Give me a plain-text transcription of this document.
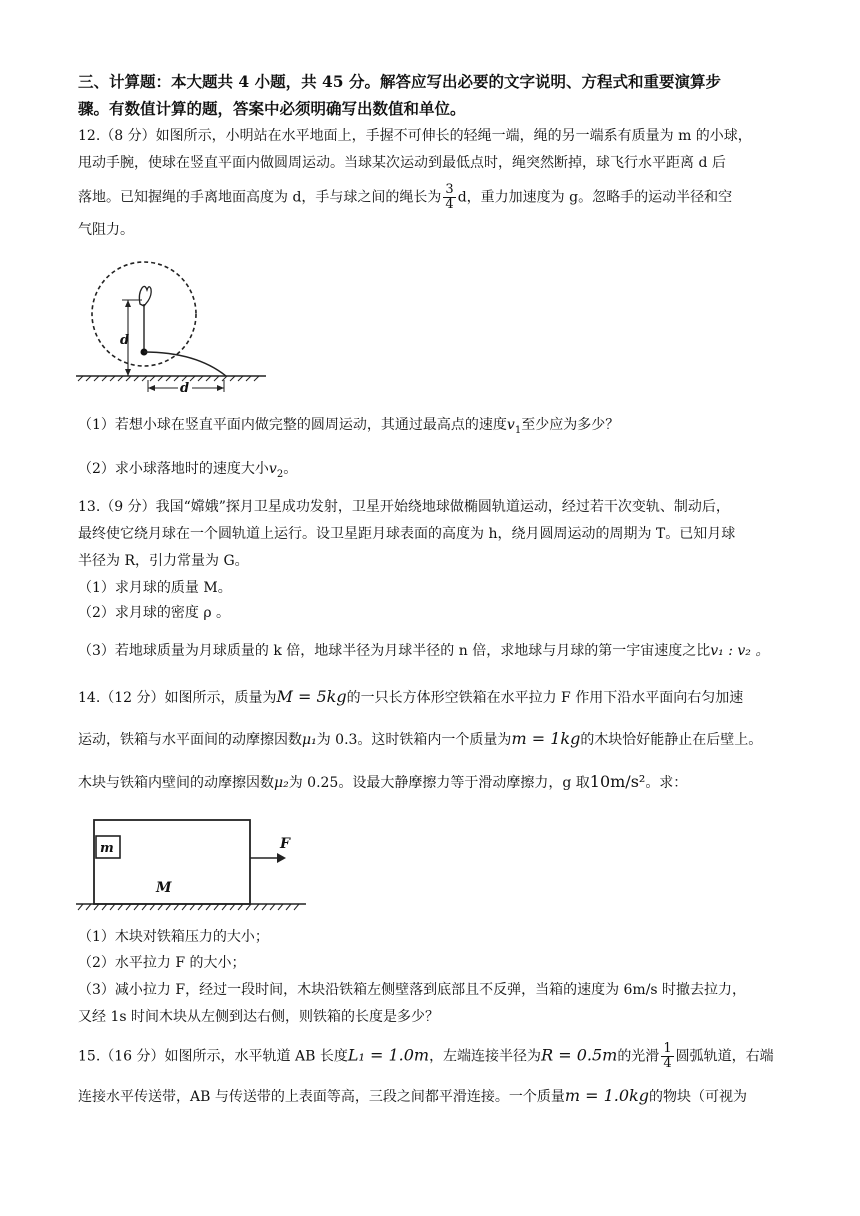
三、计算题：本大题共 4 小题，共 45 分。解答应写出必要的文字说明、方程式和重要演算步
骤。有数值计算的题，答案中必须明确写出数值和单位。
12.（8 分）如图所示，小明站在水平地面上，手握不可伸长的轻绳一端，绳的另一端系有质量为 m 的小球，
甩动手腕，使球在竖直平面内做圆周运动。当球某次运动到最低点时，绳突然断掉，球飞行水平距离 d 后
落地。已知握绳的手离地面高度为 d，手与球之间的绳长为 $\frac{3}{4}$ d，重力加速度为 g。忽略手的运动半径和空
气阻力。
d
d
（1）若想小球在竖直平面内做完整的圆周运动，其通过最高点的速度$v_1$至少应为多少？
（2）求小球落地时的速度大小$v_2$。
13.（9 分）我国“嫦娥”探月卫星成功发射，卫星开始绕地球做椭圆轨道运动，经过若干次变轨、制动后，
最终使它绕月球在一个圆轨道上运行。设卫星距月球表面的高度为 h，绕月圆周运动的周期为 T。已知月球
半径为 R，引力常量为 G。
（1）求月球的质量 M。
（2）求月球的密度 ρ 。
（3）若地球质量为月球质量的 k 倍，地球半径为月球半径的 n 倍，求地球与月球的第一宇宙速度之比v₁ : v₂ 。
14.（12 分）如图所示，质量为M = 5kg的一只长方体形空铁箱在水平拉力 F 作用下沿水平面向右匀加速
运动，铁箱与水平面间的动摩擦因数μ₁为 0.3。这时铁箱内一个质量为m = 1kg的木块恰好能静止在后壁上。
木块与铁箱内壁间的动摩擦因数μ₂为 0.25。设最大静摩擦力等于滑动摩擦力，g 取10m/s²。求：
m
M
F
（1）木块对铁箱压力的大小；
（2）水平拉力 F 的大小；
（3）减小拉力 F，经过一段时间，木块沿铁箱左侧壁落到底部且不反弹，当箱的速度为 6m/s 时撤去拉力，
又经 1s 时间木块从左侧到达右侧，则铁箱的长度是多少？
15.（16 分）如图所示，水平轨道 AB 长度L₁ = 1.0m，左端连接半径为R = 0.5m的光滑 $\frac{1}{4}$ 圆弧轨道，右端
连接水平传送带，AB 与传送带的上表面等高，三段之间都平滑连接。一个质量m = 1.0kg的物块（可视为
